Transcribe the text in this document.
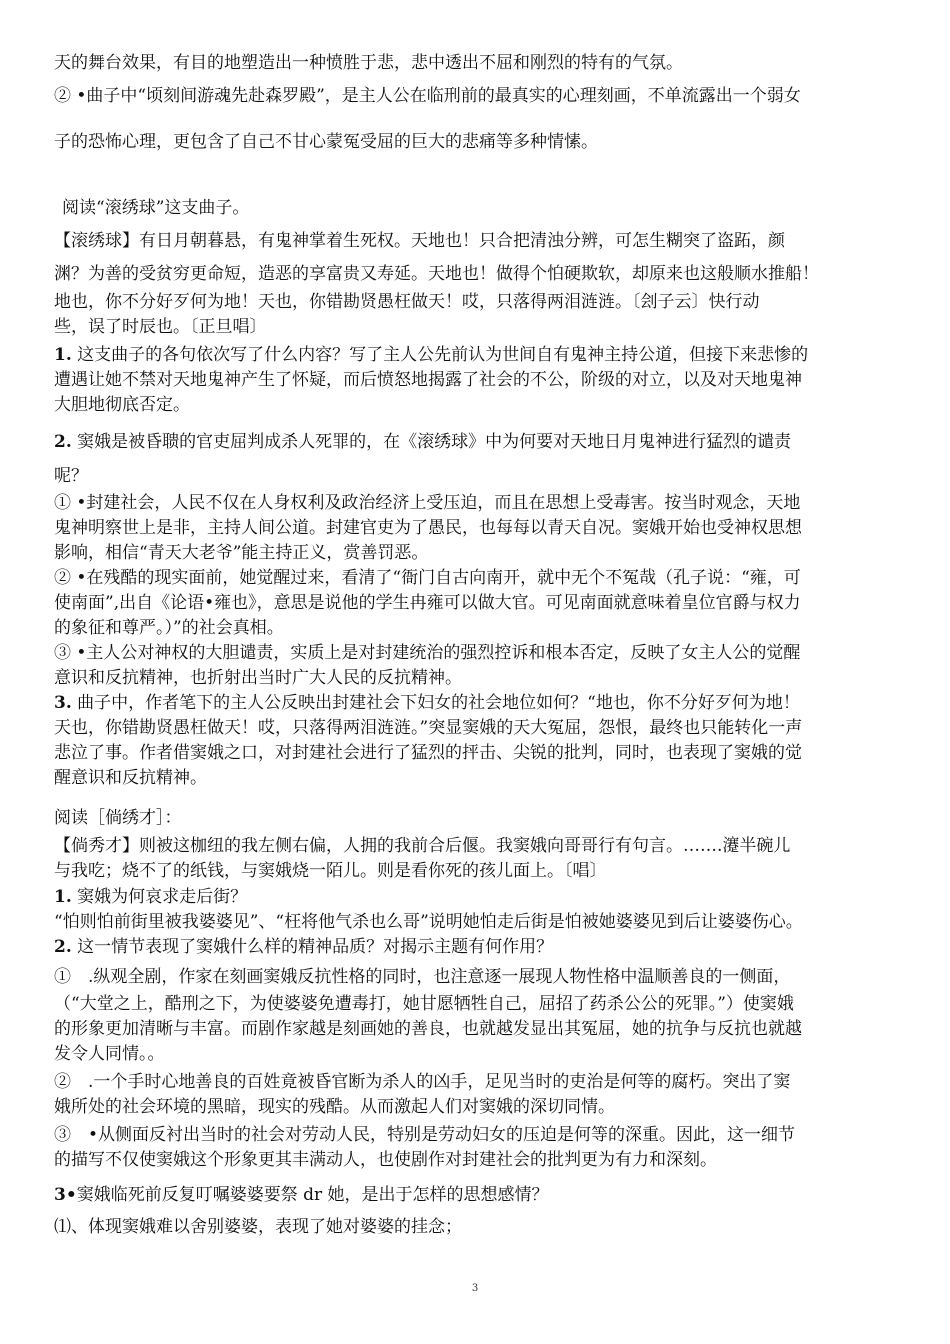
天的舞台效果，有目的地塑造出一种愤胜于悲，悲中透出不屈和刚烈的特有的气氛。
② •曲子中“顷刻间游魂先赴森罗殿”，是主人公在临刑前的最真实的心理刻画，不单流露出一个弱女
子的恐怖心理，更包含了自己不甘心蒙冤受屈的巨大的悲痛等多种情愫。
阅读“滚绣球”这支曲子。
【滚绣球】有日月朝暮悬，有鬼神掌着生死权。天地也！只合把清浊分辨，可怎生糊突了盗跖，颜
渊？为善的受贫穷更命短，造恶的享富贵又寿延。天地也！做得个怕硬欺软，却原来也这般顺水推船！
地也，你不分好歹何为地！天也，你错勘贤愚枉做天！哎，只落得两泪涟涟。〔刽子云〕快行动
些，误了时辰也。〔正旦唱〕
1. 这支曲子的各句依次写了什么内容？写了主人公先前认为世间自有鬼神主持公道，但接下来悲惨的
遭遇让她不禁对天地鬼神产生了怀疑，而后愤怒地揭露了社会的不公，阶级的对立，以及对天地鬼神
大胆地彻底否定。
2. 窦娥是被昏聩的官吏屈判成杀人死罪的，在《滚绣球》中为何要对天地日月鬼神进行猛烈的谴责
呢？
① •封建社会，人民不仅在人身权利及政治经济上受压迫，而且在思想上受毒害。按当时观念，天地
鬼神明察世上是非，主持人间公道。封建官吏为了愚民，也每每以青天自况。窦娥开始也受神权思想
影响，相信“青天大老爷”能主持正义，赏善罚恶。
② •在残酷的现实面前，她觉醒过来，看清了“衙门自古向南开，就中无个不冤哉（孔子说：“雍，可
使南面”,出自《论语•雍也》，意思是说他的学生冉雍可以做大官。可见南面就意味着皇位官爵与权力
的象征和尊严。）”的社会真相。
③ •主人公对神权的大胆谴责，实质上是对封建统治的强烈控诉和根本否定，反映了女主人公的觉醒
意识和反抗精神，也折射出当时广大人民的反抗精神。
3. 曲子中，作者笔下的主人公反映出封建社会下妇女的社会地位如何？“地也，你不分好歹何为地！
天也，你错勘贤愚枉做天！哎，只落得两泪涟涟。”突显窦娥的天大冤屈，怨恨，最终也只能转化一声
悲泣了事。作者借窦娥之口，对封建社会进行了猛烈的抨击、尖锐的批判，同时，也表现了窦娥的觉
醒意识和反抗精神。
阅读［倘绣才］：
【倘秀才】则被这枷纽的我左侧右偏，人拥的我前合后偃。我窦娥向哥哥行有句言。…….瀽半碗儿
与我吃；烧不了的纸钱，与窦娥烧一陌儿。则是看你死的孩儿面上。〔唱〕
1. 窦娥为何哀求走后街？
“怕则怕前街里被我婆婆见”、“枉将他气杀也么哥”说明她怕走后街是怕被她婆婆见到后让婆婆伤心。
2. 这一情节表现了窦娥什么样的精神品质？对揭示主题有何作用？
①　.纵观全剧，作家在刻画窦娥反抗性格的同时，也注意逐一展现人物性格中温顺善良的一侧面，
（“大堂之上，酷刑之下，为使婆婆免遭毒打，她甘愿牺牲自己，屈招了药杀公公的死罪。”）使窦娥
的形象更加清晰与丰富。而剧作家越是刻画她的善良，也就越发显出其冤屈，她的抗争与反抗也就越
发令人同情。。
②　.一个手时心地善良的百姓竟被昏官断为杀人的凶手，足见当时的吏治是何等的腐朽。突出了窦
娥所处的社会环境的黑暗，现实的残酷。从而激起人们对窦娥的深切同情。
③　•从侧面反衬出当时的社会对劳动人民，特别是劳动妇女的压迫是何等的深重。因此，这一细节
的描写不仅使窦娥这个形象更其丰满动人，也使剧作对封建社会的批判更为有力和深刻。
3•窦娥临死前反复叮嘱婆婆要祭 dr 她，是出于怎样的思想感情？
⑴、体现窦娥难以舍别婆婆，表现了她对婆婆的挂念；
3
